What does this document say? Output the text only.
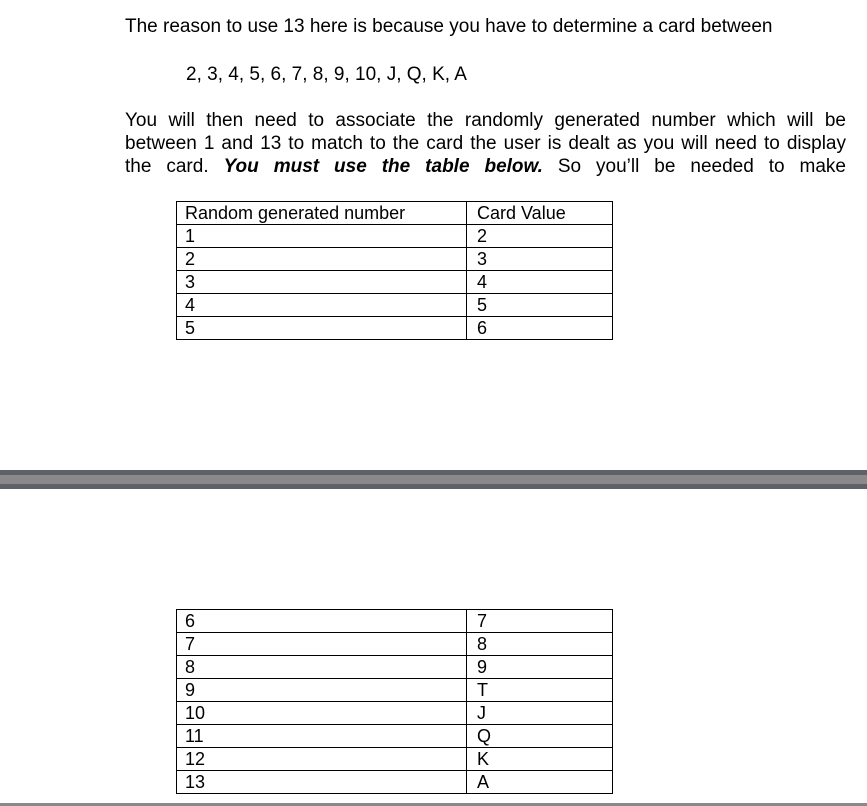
The reason to use 13 here is because you have to determine a card between

2, 3, 4, 5, 6, 7, 8, 9, 10, J, Q, K, A

You will then need to associate the randomly generated number which will be
between 1 and 13 to match to the card the user is dealt as you will need to display
the card. You must use the table below. So you’ll be needed to make
Random generated number	Card Value
1	2
2	3
3	4
4	5
5	6
6	7
7	8
8	9
9	T
10	J
11	Q
12	K
13	A
